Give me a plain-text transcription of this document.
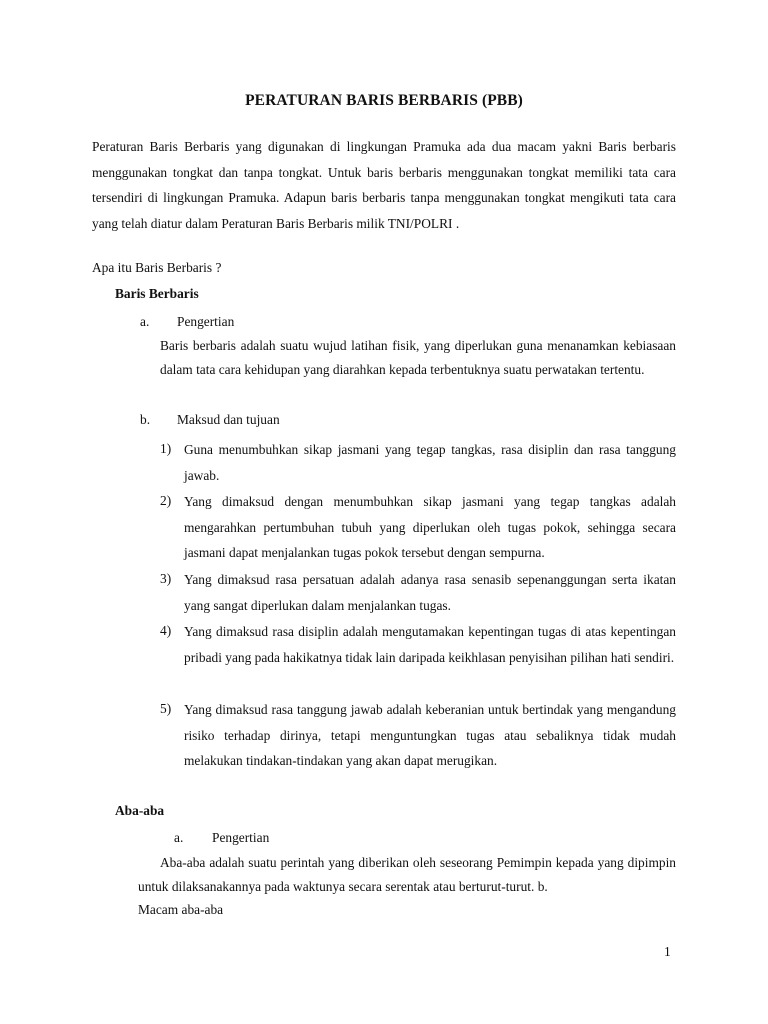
PERATURAN BARIS BERBARIS (PBB)
Peraturan Baris Berbaris yang digunakan di lingkungan Pramuka ada dua macam yakni Baris berbaris menggunakan tongkat dan tanpa tongkat. Untuk baris berbaris menggunakan tongkat memiliki tata cara tersendiri di lingkungan Pramuka. Adapun baris berbaris tanpa menggunakan tongkat mengikuti tata cara yang telah diatur dalam Peraturan Baris Berbaris milik TNI/POLRI .
Apa itu Baris Berbaris ?
Baris Berbaris
a. Pengertian
Baris berbaris adalah suatu wujud latihan fisik, yang diperlukan guna menanamkan kebiasaan dalam tata cara kehidupan yang diarahkan kepada terbentuknya suatu perwatakan tertentu.
b. Maksud dan tujuan
1) Guna menumbuhkan sikap jasmani yang tegap tangkas, rasa disiplin dan rasa tanggung jawab.
2) Yang dimaksud dengan menumbuhkan sikap jasmani yang tegap tangkas adalah mengarahkan pertumbuhan tubuh yang diperlukan oleh tugas pokok, sehingga secara jasmani dapat menjalankan tugas pokok tersebut dengan sempurna.
3) Yang dimaksud rasa persatuan adalah adanya rasa senasib sepenanggungan serta ikatan yang sangat diperlukan dalam menjalankan tugas.
4) Yang dimaksud rasa disiplin adalah mengutamakan kepentingan tugas di atas kepentingan pribadi yang pada hakikatnya tidak lain daripada keikhlasan penyisihan pilihan hati sendiri.
5) Yang dimaksud rasa tanggung jawab adalah keberanian untuk bertindak yang mengandung risiko terhadap dirinya, tetapi menguntungkan tugas atau sebaliknya tidak mudah melakukan tindakan-tindakan yang akan dapat merugikan.
Aba-aba
a. Pengertian
Aba-aba adalah suatu perintah yang diberikan oleh seseorang Pemimpin kepada yang dipimpin untuk dilaksanakannya pada waktunya secara serentak atau berturut-turut. b.
Macam aba-aba
1
